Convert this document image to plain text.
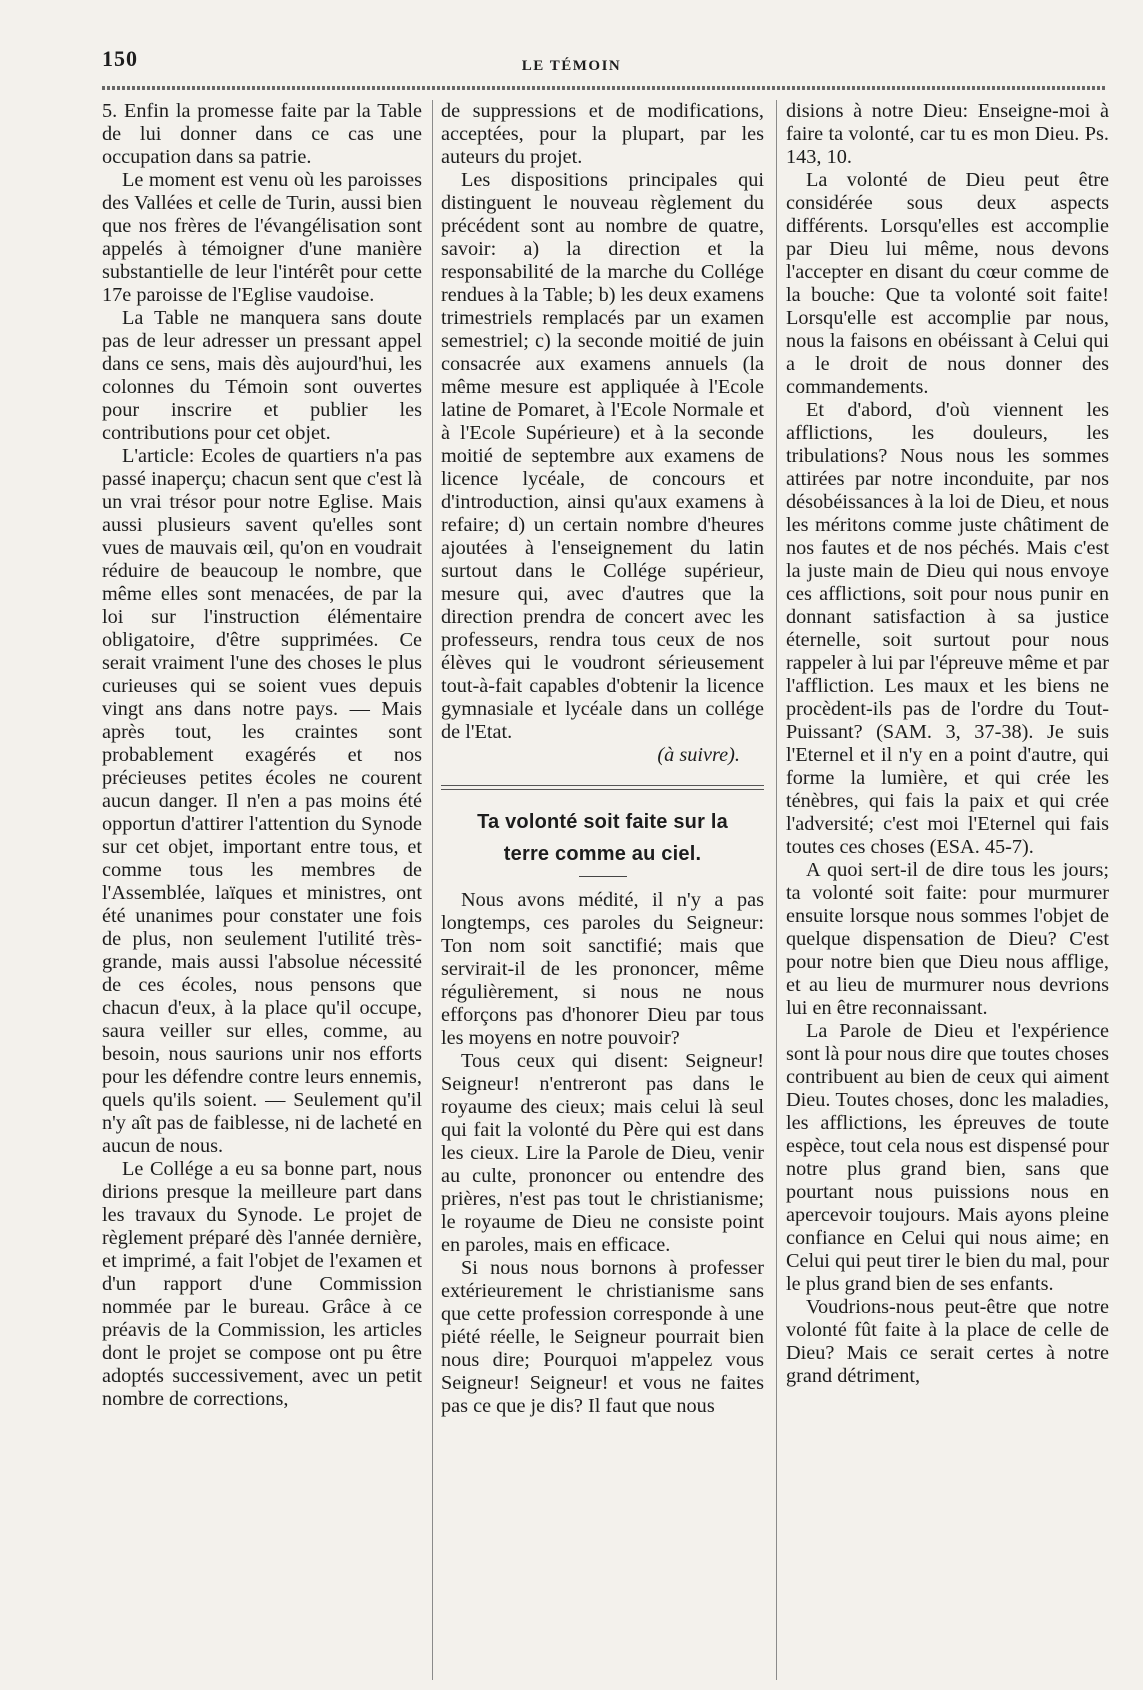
150	LE TÉMOIN

5. Enfin la promesse faite par la Table de lui donner dans ce cas une occupation dans sa patrie.

Le moment est venu où les paroisses des Vallées et celle de Turin, aussi bien que nos frères de l'évangélisation sont appelés à témoigner d'une manière substantielle de leur l'intérêt pour cette 17e paroisse de l'Eglise vaudoise.

La Table ne manquera sans doute pas de leur adresser un pressant appel dans ce sens, mais dès aujourd'hui, les colonnes du Témoin sont ouvertes pour inscrire et publier les contributions pour cet objet.

L'article: Ecoles de quartiers n'a pas passé inaperçu; chacun sent que c'est là un vrai trésor pour notre Eglise. Mais aussi plusieurs savent qu'elles sont vues de mauvais œil, qu'on en voudrait réduire de beaucoup le nombre, que même elles sont menacées, de par la loi sur l'instruction élémentaire obligatoire, d'être supprimées. Ce serait vraiment l'une des choses le plus curieuses qui se soient vues depuis vingt ans dans notre pays. — Mais après tout, les craintes sont probablement exagérés et nos précieuses petites écoles ne courent aucun danger. Il n'en a pas moins été opportun d'attirer l'attention du Synode sur cet objet, important entre tous, et comme tous les membres de l'Assemblée, laïques et ministres, ont été unanimes pour constater une fois de plus, non seulement l'utilité très-grande, mais aussi l'absolue nécessité de ces écoles, nous pensons que chacun d'eux, à la place qu'il occupe, saura veiller sur elles, comme, au besoin, nous saurions unir nos efforts pour les défendre contre leurs ennemis, quels qu'ils soient. — Seulement qu'il n'y aît pas de faiblesse, ni de lacheté en aucun de nous.

Le Collége a eu sa bonne part, nous dirions presque la meilleure part dans les travaux du Synode. Le projet de règlement préparé dès l'année dernière, et imprimé, a fait l'objet de l'examen et d'un rapport d'une Commission nommée par le bureau. Grâce à ce préavis de la Commission, les articles dont le projet se compose ont pu être adoptés successivement, avec un petit nombre de corrections,

de suppressions et de modifications, acceptées, pour la plupart, par les auteurs du projet.

Les dispositions principales qui distinguent le nouveau règlement du précédent sont au nombre de quatre, savoir: a) la direction et la responsabilité de la marche du Collége rendues à la Table; b) les deux examens trimestriels remplacés par un examen semestriel; c) la seconde moitié de juin consacrée aux examens annuels (la même mesure est appliquée à l'Ecole latine de Pomaret, à l'Ecole Normale et à l'Ecole Supérieure) et à la seconde moitié de septembre aux examens de licence lycéale, de concours et d'introduction, ainsi qu'aux examens à refaire; d) un certain nombre d'heures ajoutées à l'enseignement du latin surtout dans le Collége supérieur, mesure qui, avec d'autres que la direction prendra de concert avec les professeurs, rendra tous ceux de nos élèves qui le voudront sérieusement tout-à-fait capables d'obtenir la licence gymnasiale et lycéale dans un collége de l'Etat.

(à suivre).

Ta volonté soit faite sur la terre comme au ciel.

Nous avons médité, il n'y a pas longtemps, ces paroles du Seigneur: Ton nom soit sanctifié; mais que servirait-il de les prononcer, même régulièrement, si nous ne nous efforçons pas d'honorer Dieu par tous les moyens en notre pouvoir?

Tous ceux qui disent: Seigneur! Seigneur! n'entreront pas dans le royaume des cieux; mais celui là seul qui fait la volonté du Père qui est dans les cieux. Lire la Parole de Dieu, venir au culte, prononcer ou entendre des prières, n'est pas tout le christianisme; le royaume de Dieu ne consiste point en paroles, mais en efficace.

Si nous nous bornons à professer extérieurement le christianisme sans que cette profession corresponde à une piété réelle, le Seigneur pourrait bien nous dire; Pourquoi m'appelez vous Seigneur! Seigneur! et vous ne faites pas ce que je dis? Il faut que nous

disions à notre Dieu: Enseigne-moi à faire ta volonté, car tu es mon Dieu. Ps. 143, 10.

La volonté de Dieu peut être considérée sous deux aspects différents. Lorsqu'elles est accomplie par Dieu lui même, nous devons l'accepter en disant du cœur comme de la bouche: Que ta volonté soit faite! Lorsqu'elle est accomplie par nous, nous la faisons en obéissant à Celui qui a le droit de nous donner des commandements.

Et d'abord, d'où viennent les afflictions, les douleurs, les tribulations? Nous nous les sommes attirées par notre inconduite, par nos désobéissances à la loi de Dieu, et nous les méritons comme juste châtiment de nos fautes et de nos péchés. Mais c'est la juste main de Dieu qui nous envoye ces afflictions, soit pour nous punir en donnant satisfaction à sa justice éternelle, soit surtout pour nous rappeler à lui par l'épreuve même et par l'affliction. Les maux et les biens ne procèdent-ils pas de l'ordre du Tout-Puissant? (SAM. 3, 37-38). Je suis l'Eternel et il n'y en a point d'autre, qui forme la lumière, et qui crée les ténèbres, qui fais la paix et qui crée l'adversité; c'est moi l'Eternel qui fais toutes ces choses (ESA. 45-7).

A quoi sert-il de dire tous les jours; ta volonté soit faite: pour murmurer ensuite lorsque nous sommes l'objet de quelque dispensation de Dieu? C'est pour notre bien que Dieu nous afflige, et au lieu de murmurer nous devrions lui en être reconnaissant.

La Parole de Dieu et l'expérience sont là pour nous dire que toutes choses contribuent au bien de ceux qui aiment Dieu. Toutes choses, donc les maladies, les afflictions, les épreuves de toute espèce, tout cela nous est dispensé pour notre plus grand bien, sans que pourtant nous puissions nous en apercevoir toujours. Mais ayons pleine confiance en Celui qui nous aime; en Celui qui peut tirer le bien du mal, pour le plus grand bien de ses enfants.

Voudrions-nous peut-être que notre volonté fût faite à la place de celle de Dieu? Mais ce serait certes à notre grand détriment,
